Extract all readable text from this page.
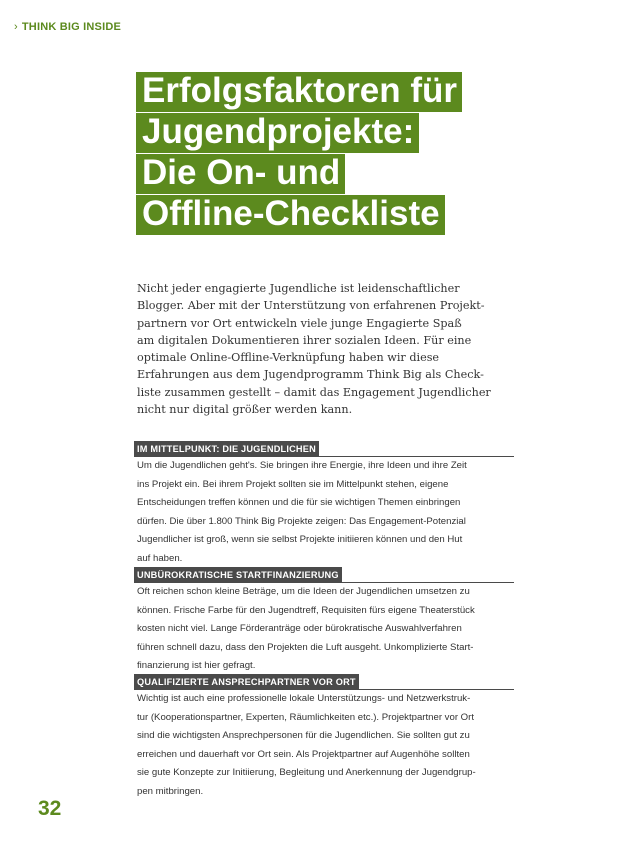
› THINK BIG INSIDE
Erfolgsfaktoren für
Jugendprojekte:
Die On- und
Offline-Checkliste
Nicht jeder engagierte Jugendliche ist leidenschaftlicher
Blogger. Aber mit der Unterstützung von erfahrenen Projekt-
partnern vor Ort entwickeln viele junge Engagierte Spaß
am digitalen Dokumentieren ihrer sozialen Ideen. Für eine
optimale Online-Offline-Verknüpfung haben wir diese
Erfahrungen aus dem Jugendprogramm Think Big als Check-
liste zusammen gestellt – damit das Engagement Jugendlicher
nicht nur digital größer werden kann.
IM MITTELPUNKT: DIE JUGENDLICHEN
Um die Jugendlichen geht's. Sie bringen ihre Energie, ihre Ideen und ihre Zeit
ins Projekt ein. Bei ihrem Projekt sollten sie im Mittelpunkt stehen, eigene
Entscheidungen treffen können und die für sie wichtigen Themen einbringen
dürfen. Die über 1.800 Think Big Projekte zeigen: Das Engagement-Potenzial
Jugendlicher ist groß, wenn sie selbst Projekte initiieren können und den Hut
auf haben.
UNBÜROKRATISCHE STARTFINANZIERUNG
Oft reichen schon kleine Beträge, um die Ideen der Jugendlichen umsetzen zu
können. Frische Farbe für den Jugendtreff, Requisiten fürs eigene Theaterstück
kosten nicht viel. Lange Förderanträge oder bürokratische Auswahlverfahren
führen schnell dazu, dass den Projekten die Luft ausgeht. Unkomplizierte Start-
finanzierung ist hier gefragt.
QUALIFIZIERTE ANSPRECHPARTNER VOR ORT
Wichtig ist auch eine professionelle lokale Unterstützungs- und Netzwerkstruk-
tur (Kooperationspartner, Experten, Räumlichkeiten etc.). Projektpartner vor Ort
sind die wichtigsten Ansprechpersonen für die Jugendlichen. Sie sollten gut zu
erreichen und dauerhaft vor Ort sein. Als Projektpartner auf Augenhöhe sollten
sie gute Konzepte zur Initiierung, Begleitung und Anerkennung der Jugendgrup-
pen mitbringen.
32
